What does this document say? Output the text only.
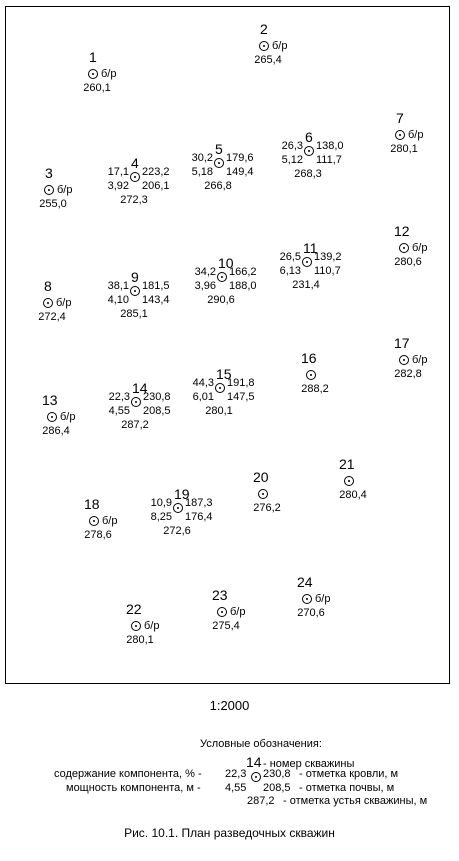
1
б/р
260,1
2
б/р
265,4
3
б/р
255,0
4
17,1
3,92
223,2
206,1
272,3
5
30,2
5,18
179,6
149,4
266,8
6
26,3
5,12
138,0
111,7
268,3
7
б/р
280,1
8
б/р
272,4
9
38,1
4,10
181,5
143,4
285,1
10
34,2
3,96
166,2
188,0
290,6
11
26,5
6,13
139,2
110,7
231,4
12
б/р
280,6
13
б/р
286,4
14
22,3
4,55
230,8
208,5
287,2
15
44,3
6,01
191,8
147,5
280,1
16
288,2
17
б/р
282,8
18
б/р
278,6
19
10,9
8,25
187,3
176,4
272,6
20
276,2
21
280,4
22
б/р
280,1
23
б/р
275,4
24
б/р
270,6
1:2000
Условные обозначения:
14 - номер скважины
содержание компонента, % - 22,3 230,8 - отметка кровли, м
мощность компонента, м - 4,55 208,5 - отметка почвы, м
287,2 - отметка устья скважины, м
Рис. 10.1. План разведочных скважин
